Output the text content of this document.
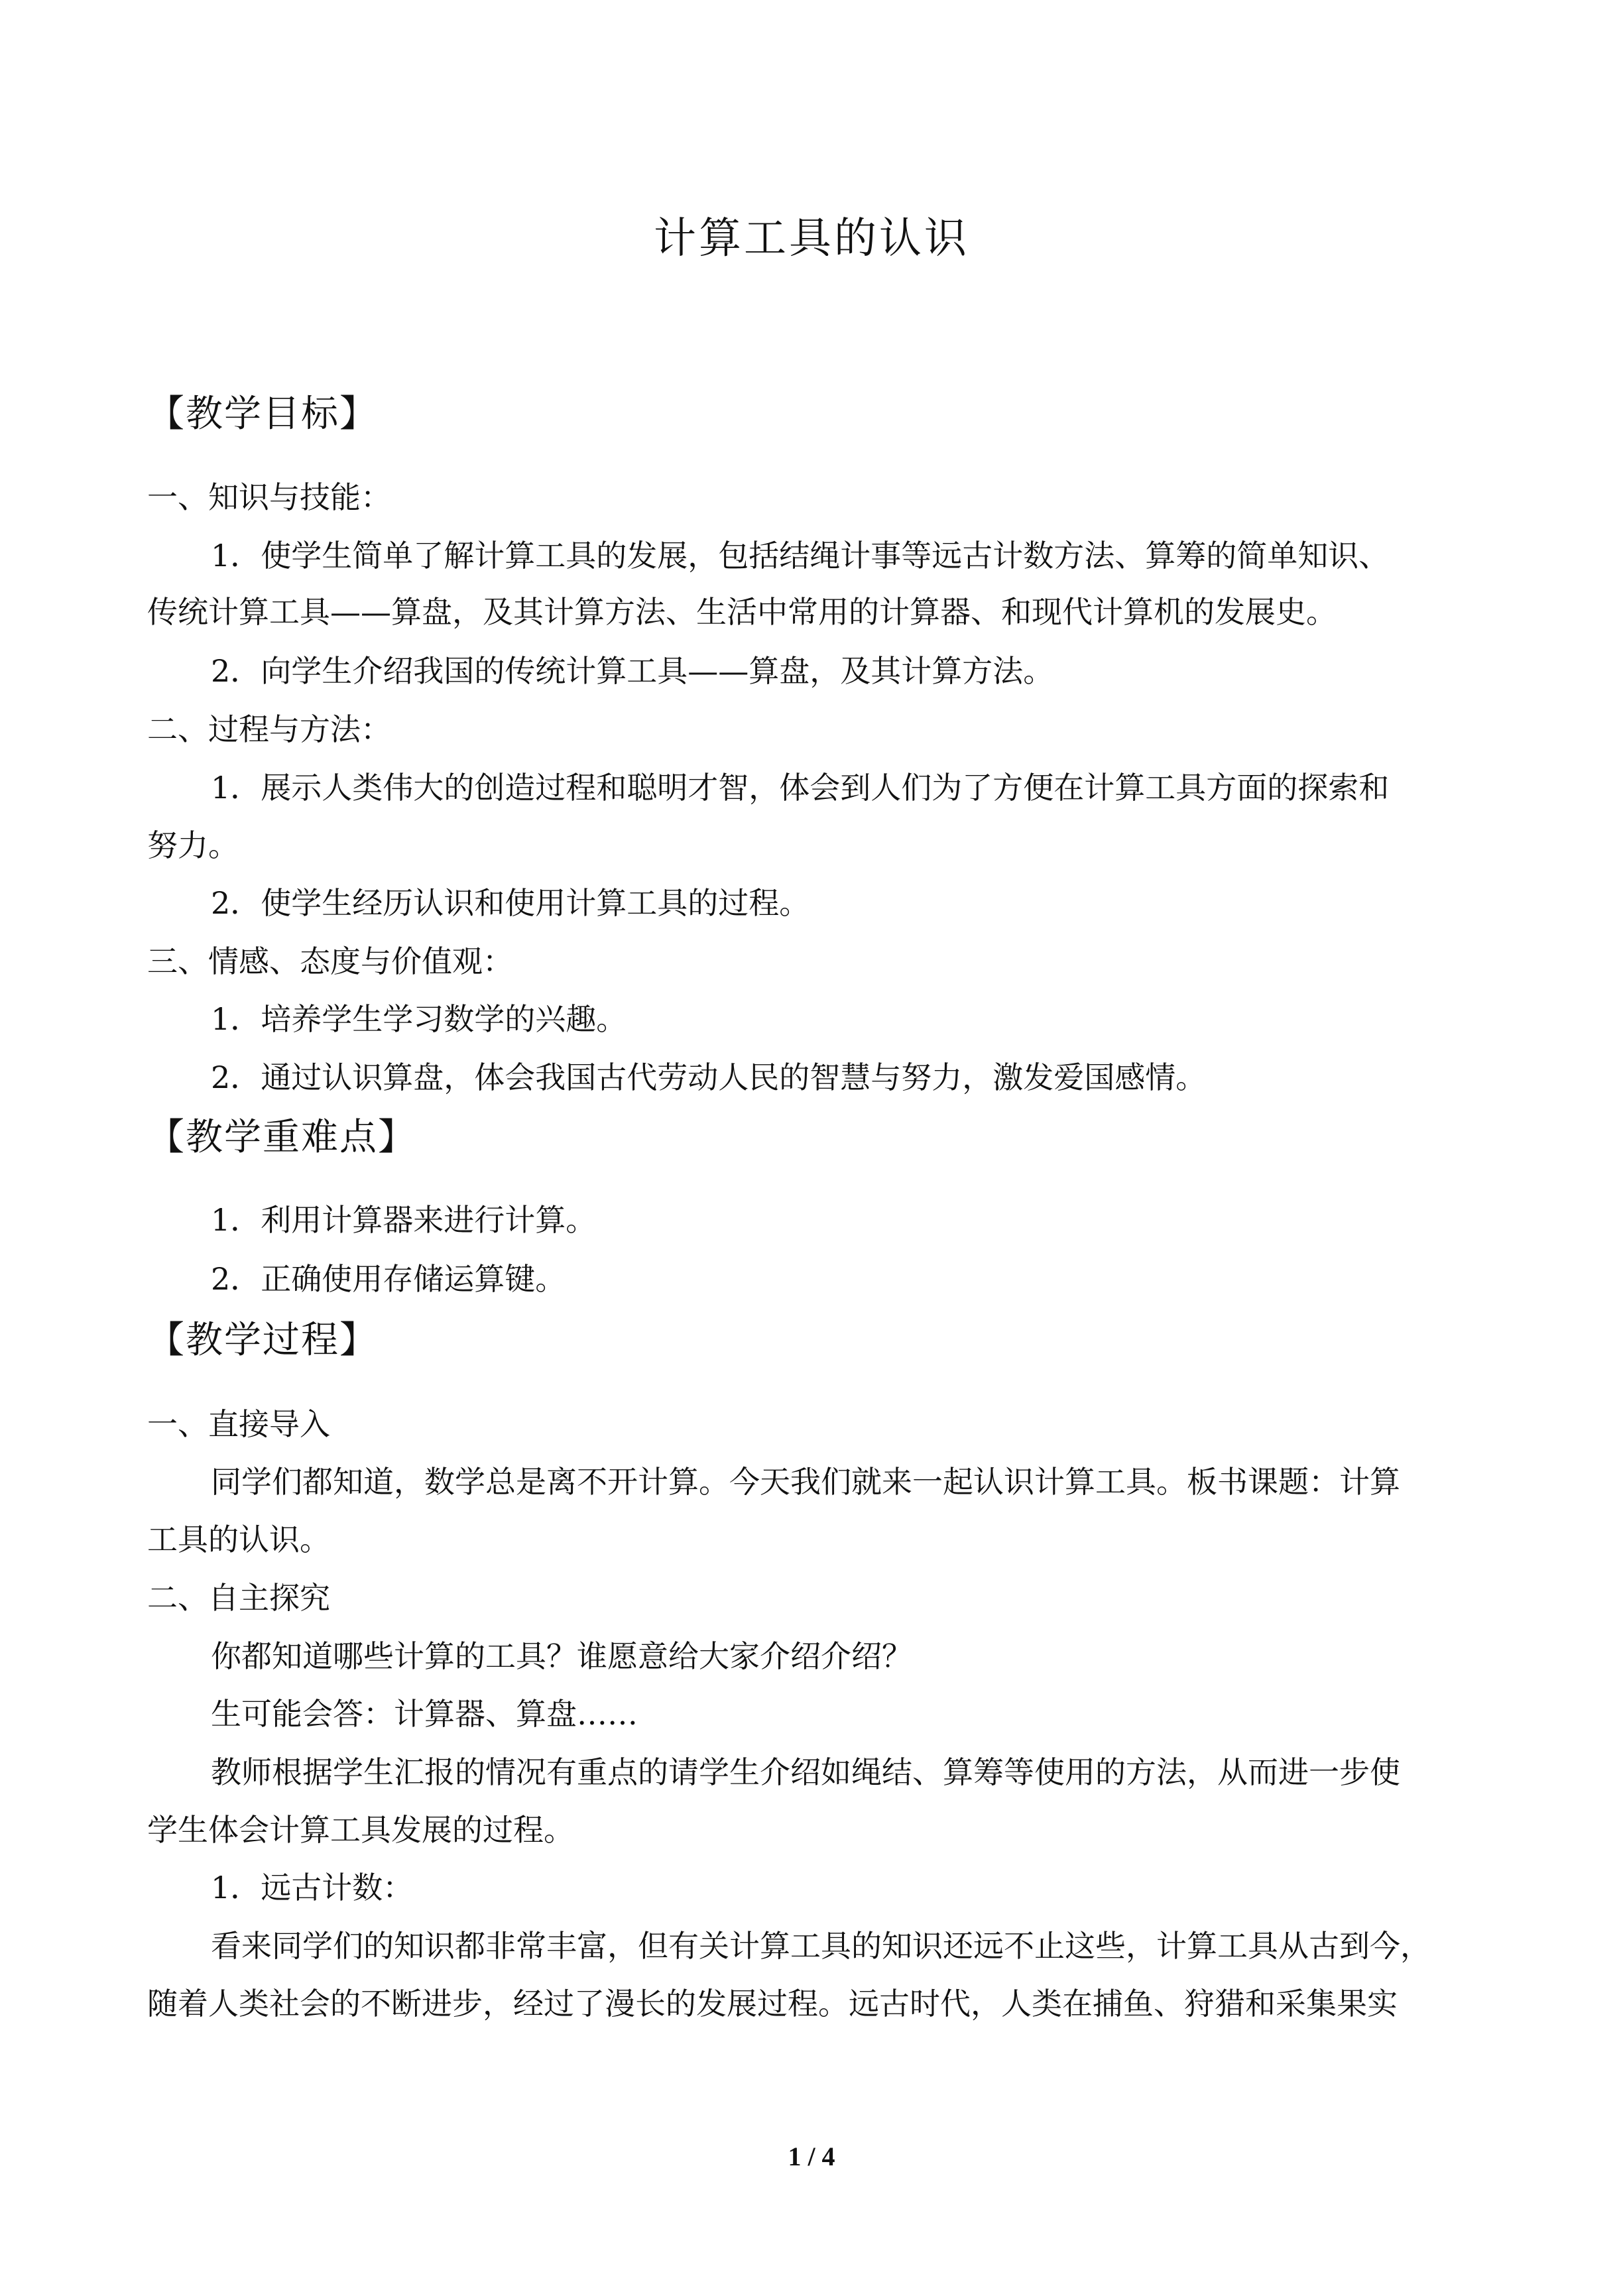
计算工具的认识
【教学目标】
一、知识与技能：
1．使学生简单了解计算工具的发展，包括结绳计事等远古计数方法、算筹的简单知识、
传统计算工具——算盘，及其计算方法、生活中常用的计算器、和现代计算机的发展史。
2．向学生介绍我国的传统计算工具——算盘，及其计算方法。
二、过程与方法：
1．展示人类伟大的创造过程和聪明才智，体会到人们为了方便在计算工具方面的探索和
努力。
2．使学生经历认识和使用计算工具的过程。
三、情感、态度与价值观：
1．培养学生学习数学的兴趣。
2．通过认识算盘，体会我国古代劳动人民的智慧与努力，激发爱国感情。
【教学重难点】
1．利用计算器来进行计算。
2．正确使用存储运算键。
【教学过程】
一、直接导入
同学们都知道，数学总是离不开计算。今天我们就来一起认识计算工具。板书课题：计算
工具的认识。
二、自主探究
你都知道哪些计算的工具？谁愿意给大家介绍介绍？
生可能会答：计算器、算盘……
教师根据学生汇报的情况有重点的请学生介绍如绳结、算筹等使用的方法，从而进一步使
学生体会计算工具发展的过程。
1．远古计数：
看来同学们的知识都非常丰富，但有关计算工具的知识还远不止这些，计算工具从古到今，
随着人类社会的不断进步，经过了漫长的发展过程。远古时代，人类在捕鱼、狩猎和采集果实
1 / 4
